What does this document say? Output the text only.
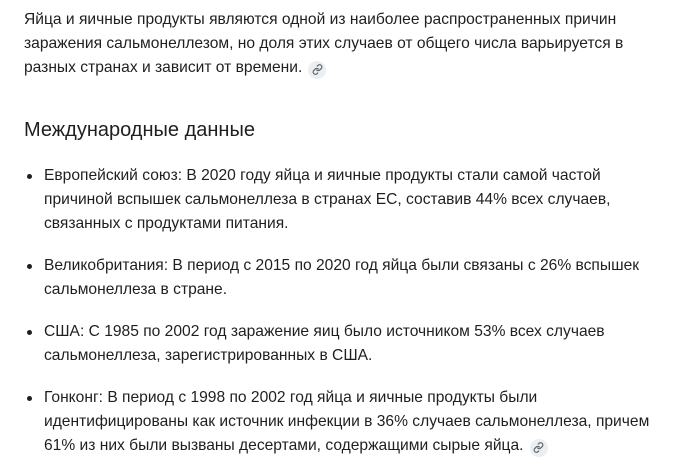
Яйца и яичные продукты являются одной из наиболее распространенных причин заражения сальмонеллезом, но доля этих случаев от общего числа варьируется в разных странах и зависит от времени.

Международные данные
Европейский союз: В 2020 году яйца и яичные продукты стали самой частой причиной вспышек сальмонеллеза в странах ЕС, составив 44% всех случаев, связанных с продуктами питания.
Великобритания: В период с 2015 по 2020 год яйца были связаны с 26% вспышек сальмонеллеза в стране.
США: С 1985 по 2002 год заражение яиц было источником 53% всех случаев сальмонеллеза, зарегистрированных в США.
Гонконг: В период с 1998 по 2002 год яйца и яичные продукты были идентифицированы как источник инфекции в 36% случаев сальмонеллеза, причем 61% из них были вызваны десертами, содержащими сырые яйца.
